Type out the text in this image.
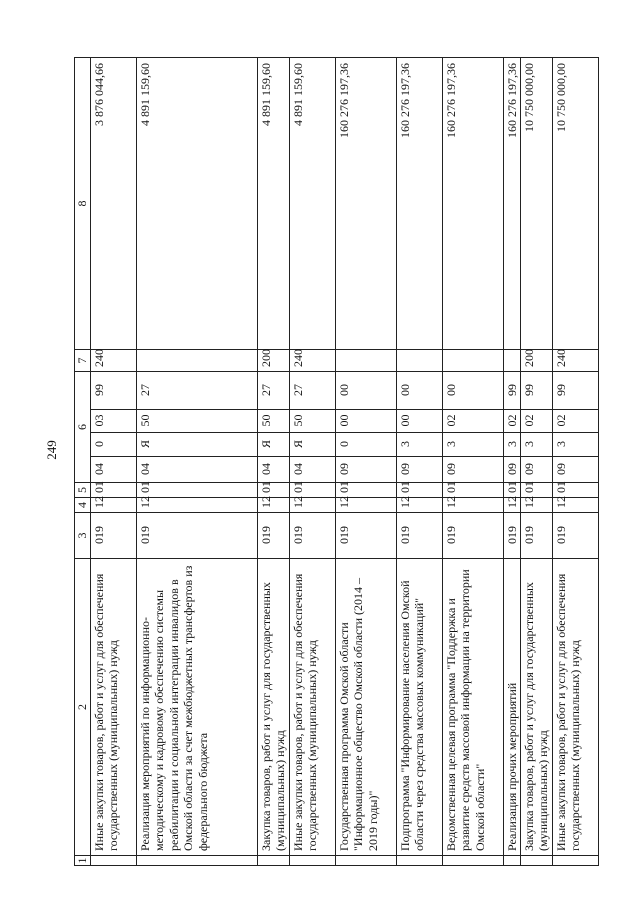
249
1	2	3	4	5	6				7	8
	Иные закупки товаров, работ и услуг для обеспечения государственных (муниципальных) нужд	019	12	01	04	0	03	99	240	3 876 044,66
	Реализация мероприятий по информационно-методическому и кадровому обеспечению системы реабилитации и социальной интеграции инвалидов в Омской области за счет межбюджетных трансфертов из федерального бюджета	019	12	01	04	Я	50	27		4 891 159,60
	Закупка товаров, работ и услуг для государственных (муниципальных) нужд	019	12	01	04	Я	50	27	200	4 891 159,60
	Иные закупки товаров, работ и услуг для обеспечения государственных (муниципальных) нужд	019	12	01	04	Я	50	27	240	4 891 159,60
	Государственная программа Омской области "Информационное общество Омской области (2014 – 2019 годы)"	019	12	01	09	0	00	00		160 276 197,36
	Подпрограмма "Информирование населения Омской области через средства массовых коммуникаций"	019	12	01	09	3	00	00		160 276 197,36
	Ведомственная целевая программа "Поддержка и развитие средств массовой информации на территории Омской области"	019	12	01	09	3	02	00		160 276 197,36
	Реализация прочих мероприятий	019	12	01	09	3	02	99		160 276 197,36
	Закупка товаров, работ и услуг для государственных (муниципальных) нужд	019	12	01	09	3	02	99	200	10 750 000,00
	Иные закупки товаров, работ и услуг для обеспечения государственных (муниципальных) нужд	019	12	01	09	3	02	99	240	10 750 000,00
